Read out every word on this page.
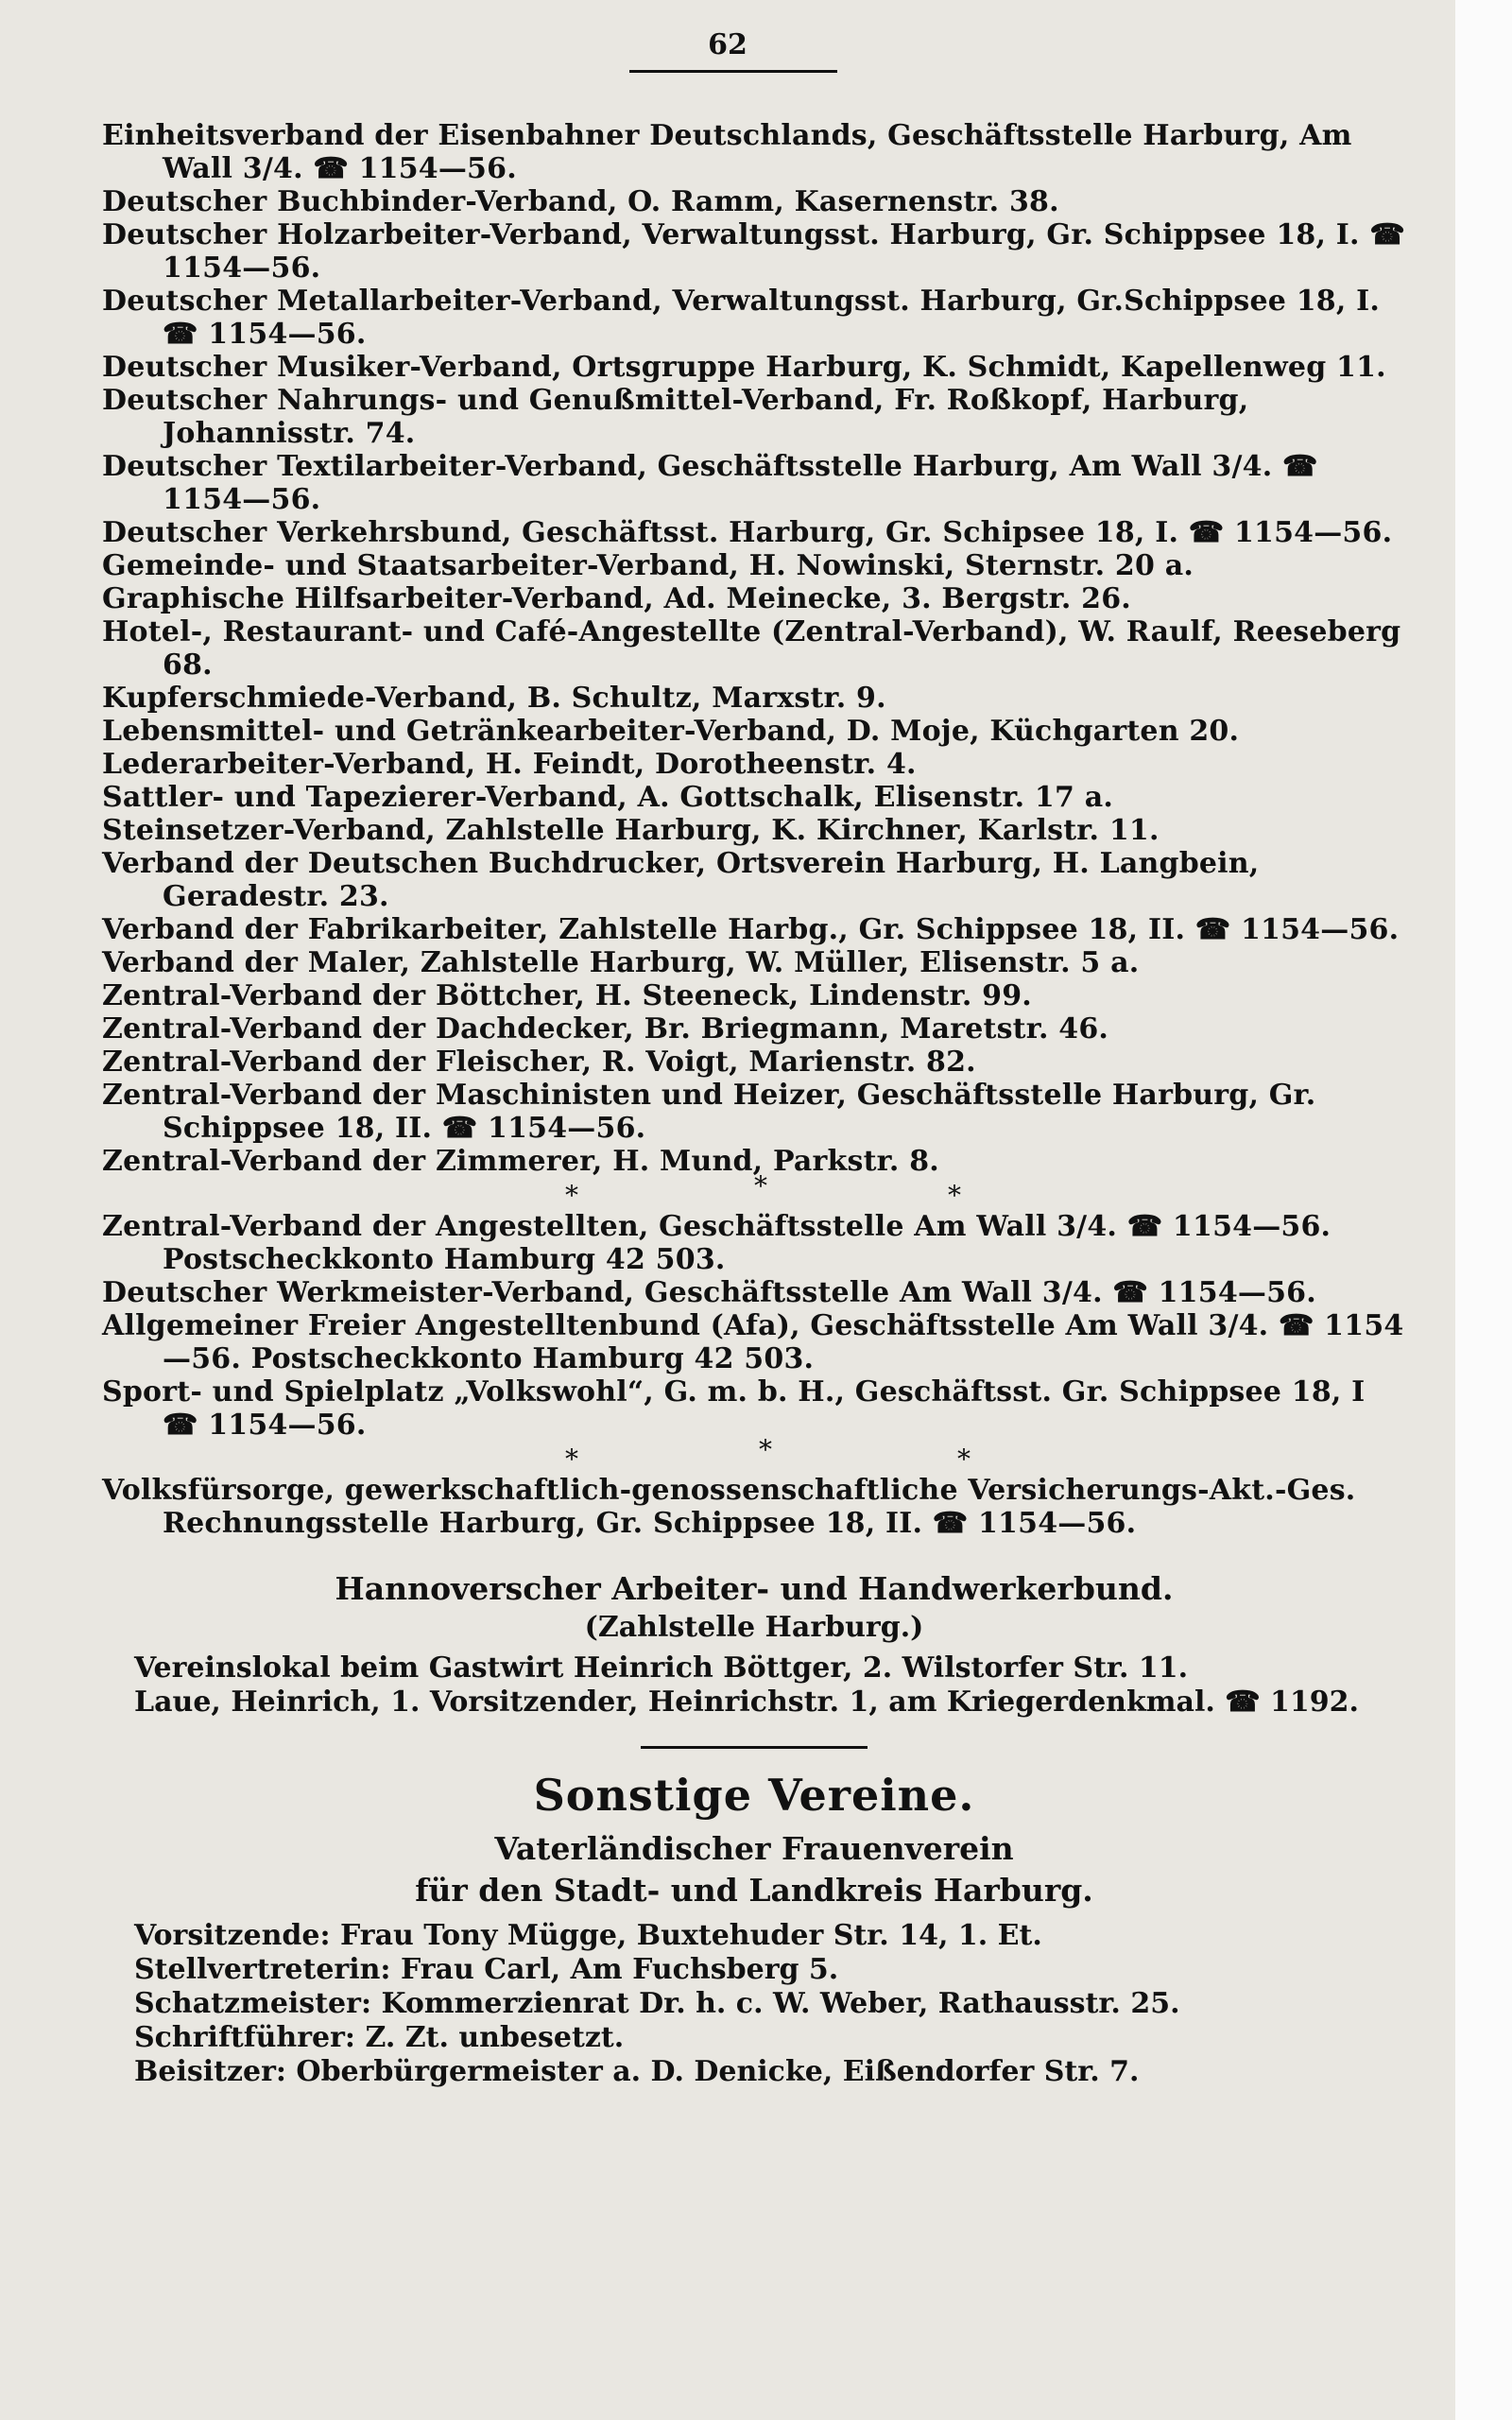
62
Einheitsverband der Eisenbahner Deutschlands, Geschäftsstelle Harburg, Am Wall 3/4. ☎ 1154—56.
Deutscher Buchbinder-Verband, O. Ramm, Kasernenstr. 38.
Deutscher Holzarbeiter-Verband, Verwaltungsst. Harburg, Gr. Schippsee 18, I. ☎ 1154—56.
Deutscher Metallarbeiter-Verband, Verwaltungsst. Harburg, Gr.Schippsee 18, I. ☎ 1154—56.
Deutscher Musiker-Verband, Ortsgruppe Harburg, K. Schmidt, Kapellenweg 11.
Deutscher Nahrungs- und Genußmittel-Verband, Fr. Roßkopf, Harburg, Johannisstr. 74.
Deutscher Textilarbeiter-Verband, Geschäftsstelle Harburg, Am Wall 3/4. ☎ 1154—56.
Deutscher Verkehrsbund, Geschäftsst. Harburg, Gr. Schipsee 18, I. ☎ 1154—56.
Gemeinde- und Staatsarbeiter-Verband, H. Nowinski, Sternstr. 20 a.
Graphische Hilfsarbeiter-Verband, Ad. Meinecke, 3. Bergstr. 26.
Hotel-, Restaurant- und Café-Angestellte (Zentral-Verband), W. Raulf, Reeseberg 68.
Kupferschmiede-Verband, B. Schultz, Marxstr. 9.
Lebensmittel- und Getränkearbeiter-Verband, D. Moje, Küchgarten 20.
Lederarbeiter-Verband, H. Feindt, Dorotheenstr. 4.
Sattler- und Tapezierer-Verband, A. Gottschalk, Elisenstr. 17 a.
Steinsetzer-Verband, Zahlstelle Harburg, K. Kirchner, Karlstr. 11.
Verband der Deutschen Buchdrucker, Ortsverein Harburg, H. Langbein, Geradestr. 23.
Verband der Fabrikarbeiter, Zahlstelle Harbg., Gr. Schippsee 18, II. ☎ 1154—56.
Verband der Maler, Zahlstelle Harburg, W. Müller, Elisenstr. 5 a.
Zentral-Verband der Böttcher, H. Steeneck, Lindenstr. 99.
Zentral-Verband der Dachdecker, Br. Briegmann, Maretstr. 46.
Zentral-Verband der Fleischer, R. Voigt, Marienstr. 82.
Zentral-Verband der Maschinisten und Heizer, Geschäftsstelle Harburg, Gr. Schippsee 18, II. ☎ 1154—56.
Zentral-Verband der Zimmerer, H. Mund, Parkstr. 8.
*	*	*
Zentral-Verband der Angestellten, Geschäftsstelle Am Wall 3/4. ☎ 1154—56. Postscheckkonto Hamburg 42 503.
Deutscher Werkmeister-Verband, Geschäftsstelle Am Wall 3/4. ☎ 1154—56.
Allgemeiner Freier Angestelltenbund (Afa), Geschäftsstelle Am Wall 3/4. ☎ 1154—56. Postscheckkonto Hamburg 42 503.
Sport- und Spielplatz „Volkswohl“, G. m. b. H., Geschäftsst. Gr. Schippsee 18, I ☎ 1154—56.
*	*	*
Volksfürsorge, gewerkschaftlich-genossenschaftliche Versicherungs-Akt.-Ges. Rechnungsstelle Harburg, Gr. Schippsee 18, II. ☎ 1154—56.
Hannoverscher Arbeiter- und Handwerkerbund.
(Zahlstelle Harburg.)
Vereinslokal beim Gastwirt Heinrich Böttger, 2. Wilstorfer Str. 11.
Laue, Heinrich, 1. Vorsitzender, Heinrichstr. 1, am Kriegerdenkmal. ☎ 1192.
Sonstige Vereine.
Vaterländischer Frauenverein
für den Stadt- und Landkreis Harburg.
Vorsitzende: Frau Tony Mügge, Buxtehuder Str. 14, 1. Et.
Stellvertreterin: Frau Carl, Am Fuchsberg 5.
Schatzmeister: Kommerzienrat Dr. h. c. W. Weber, Rathausstr. 25.
Schriftführer: Z. Zt. unbesetzt.
Beisitzer: Oberbürgermeister a. D. Denicke, Eißendorfer Str. 7.
